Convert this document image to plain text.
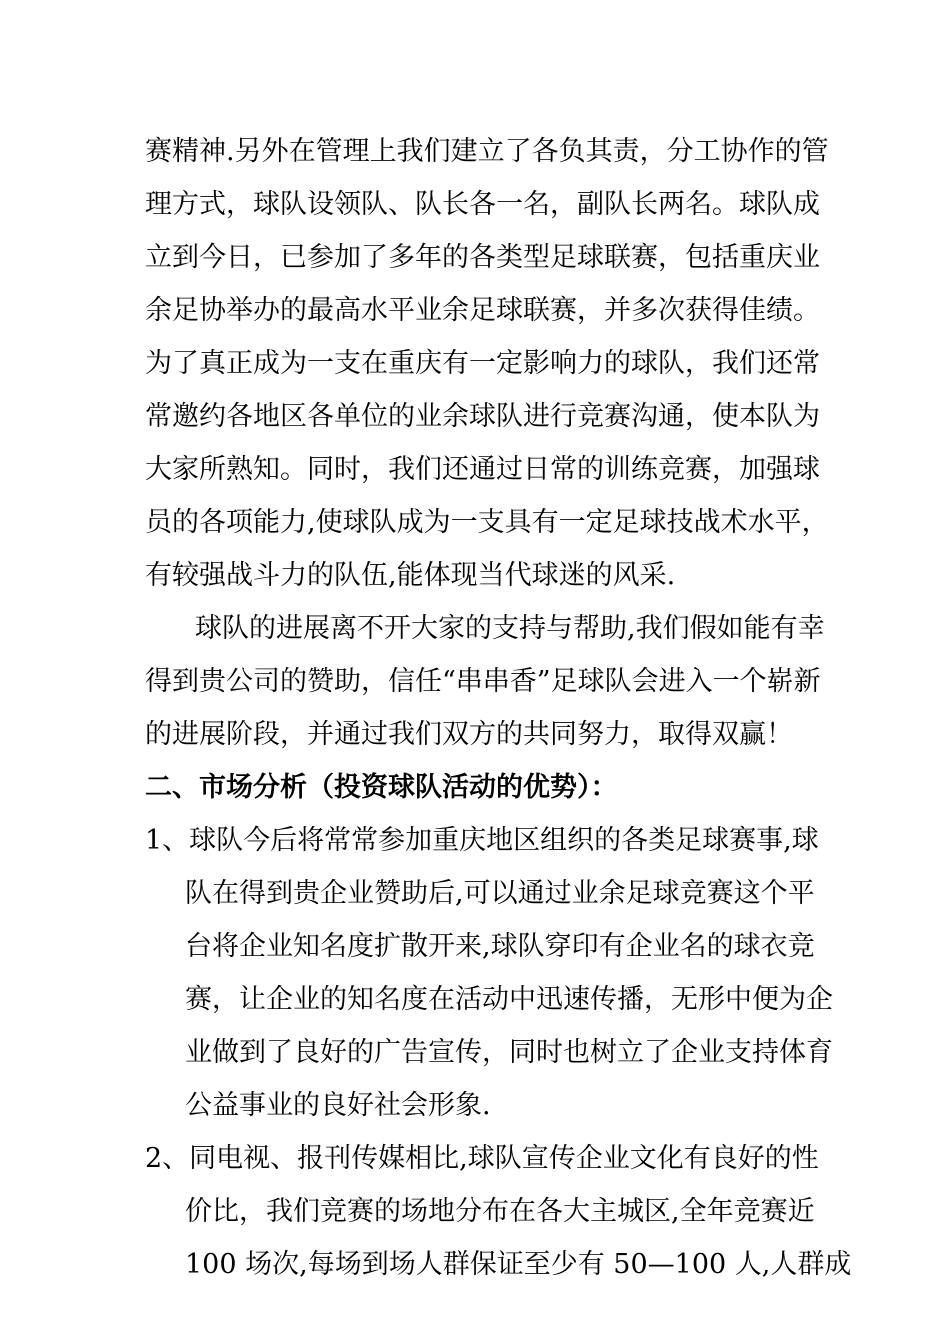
赛精神.另外在管理上我们建立了各负其责，分工协作的管
理方式，球队设领队、队长各一名，副队长两名。球队成
立到今日，已参加了多年的各类型足球联赛，包括重庆业
余足协举办的最高水平业余足球联赛，并多次获得佳绩。
为了真正成为一支在重庆有一定影响力的球队，我们还常
常邀约各地区各单位的业余球队进行竞赛沟通，使本队为
大家所熟知。同时，我们还通过日常的训练竞赛，加强球
员的各项能力,使球队成为一支具有一定足球技战术水平，
有较强战斗力的队伍,能体现当代球迷的风采.
球队的进展离不开大家的支持与帮助,我们假如能有幸
得到贵公司的赞助，信任“串串香”足球队会进入一个崭新
的进展阶段，并通过我们双方的共同努力，取得双赢！
二、市场分析（投资球队活动的优势）：
1、球队今后将常常参加重庆地区组织的各类足球赛事,球
队在得到贵企业赞助后,可以通过业余足球竞赛这个平
台将企业知名度扩散开来,球队穿印有企业名的球衣竞
赛，让企业的知名度在活动中迅速传播，无形中便为企
业做到了良好的广告宣传，同时也树立了企业支持体育
公益事业的良好社会形象.
2、同电视、报刊传媒相比,球队宣传企业文化有良好的性
价比，我们竞赛的场地分布在各大主城区,全年竞赛近
100 场次,每场到场人群保证至少有 50—100 人,人群成
